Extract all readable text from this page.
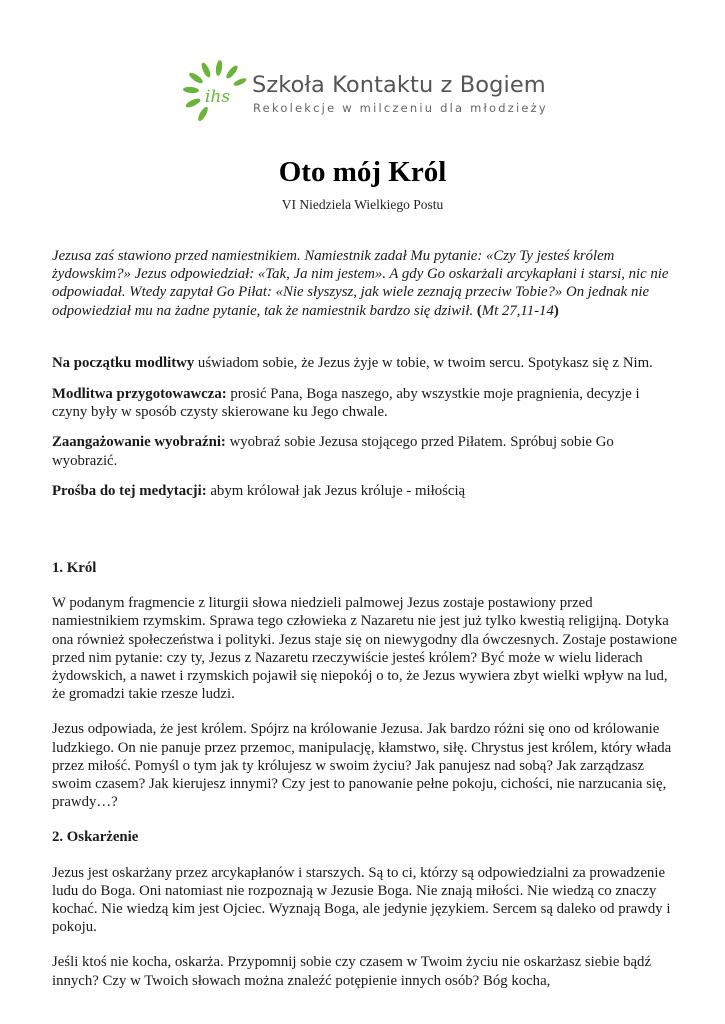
ihs Szkoła Kontaktu z Bogiem
Rekolekcje w milczeniu dla młodzieży
Oto mój Król
VI Niedziela Wielkiego Postu

Jezusa zaś stawiono przed namiestnikiem. Namiestnik zadał Mu pytanie: «Czy Ty jesteś królem żydowskim?» Jezus odpowiedział: «Tak, Ja nim jestem». A gdy Go oskarżali arcykapłani i starsi, nic nie odpowiadał. Wtedy zapytał Go Piłat: «Nie słyszysz, jak wiele zeznają przeciw Tobie?» On jednak nie odpowiedział mu na żadne pytanie, tak że namiestnik bardzo się dziwił. (Mt 27,11-14)

Na początku modlitwy uświadom sobie, że Jezus żyje w tobie, w twoim sercu. Spotykasz się z Nim.

Modlitwa przygotowawcza: prosić Pana, Boga naszego, aby wszystkie moje pragnienia, decyzje i czyny były w sposób czysty skierowane ku Jego chwale.

Zaangażowanie wyobraźni: wyobraź sobie Jezusa stojącego przed Piłatem. Spróbuj sobie Go wyobrazić.

Prośba do tej medytacji: abym królował jak Jezus króluje - miłością

1. Król

W podanym fragmencie z liturgii słowa niedzieli palmowej Jezus zostaje postawiony przed namiestnikiem rzymskim. Sprawa tego człowieka z Nazaretu nie jest już tylko kwestią religijną. Dotyka ona również społeczeństwa i polityki. Jezus staje się on niewygodny dla ówczesnych. Zostaje postawione przed nim pytanie: czy ty, Jezus z Nazaretu rzeczywiście jesteś królem? Być może w wielu liderach żydowskich, a nawet i rzymskich pojawił się niepokój o to, że Jezus wywiera zbyt wielki wpływ na lud, że gromadzi takie rzesze ludzi.

Jezus odpowiada, że jest królem. Spójrz na królowanie Jezusa. Jak bardzo różni się ono od królowanie ludzkiego. On nie panuje przez przemoc, manipulację, kłamstwo, siłę. Chrystus jest królem, który włada przez miłość. Pomyśl o tym jak ty królujesz w swoim życiu? Jak panujesz nad sobą? Jak zarządzasz swoim czasem? Jak kierujesz innymi? Czy jest to panowanie pełne pokoju, cichości, nie narzucania się, prawdy…?

2. Oskarżenie

Jezus jest oskarżany przez arcykapłanów i starszych. Są to ci, którzy są odpowiedzialni za prowadzenie ludu do Boga. Oni natomiast nie rozpoznają w Jezusie Boga. Nie znają miłości. Nie wiedzą co znaczy kochać. Nie wiedzą kim jest Ojciec. Wyznają Boga, ale jedynie językiem. Sercem są daleko od prawdy i pokoju.

Jeśli ktoś nie kocha, oskarża. Przypomnij sobie czy czasem w Twoim życiu nie oskarżasz siebie bądź innych? Czy w Twoich słowach można znaleźć potępienie innych osób? Bóg kocha,
